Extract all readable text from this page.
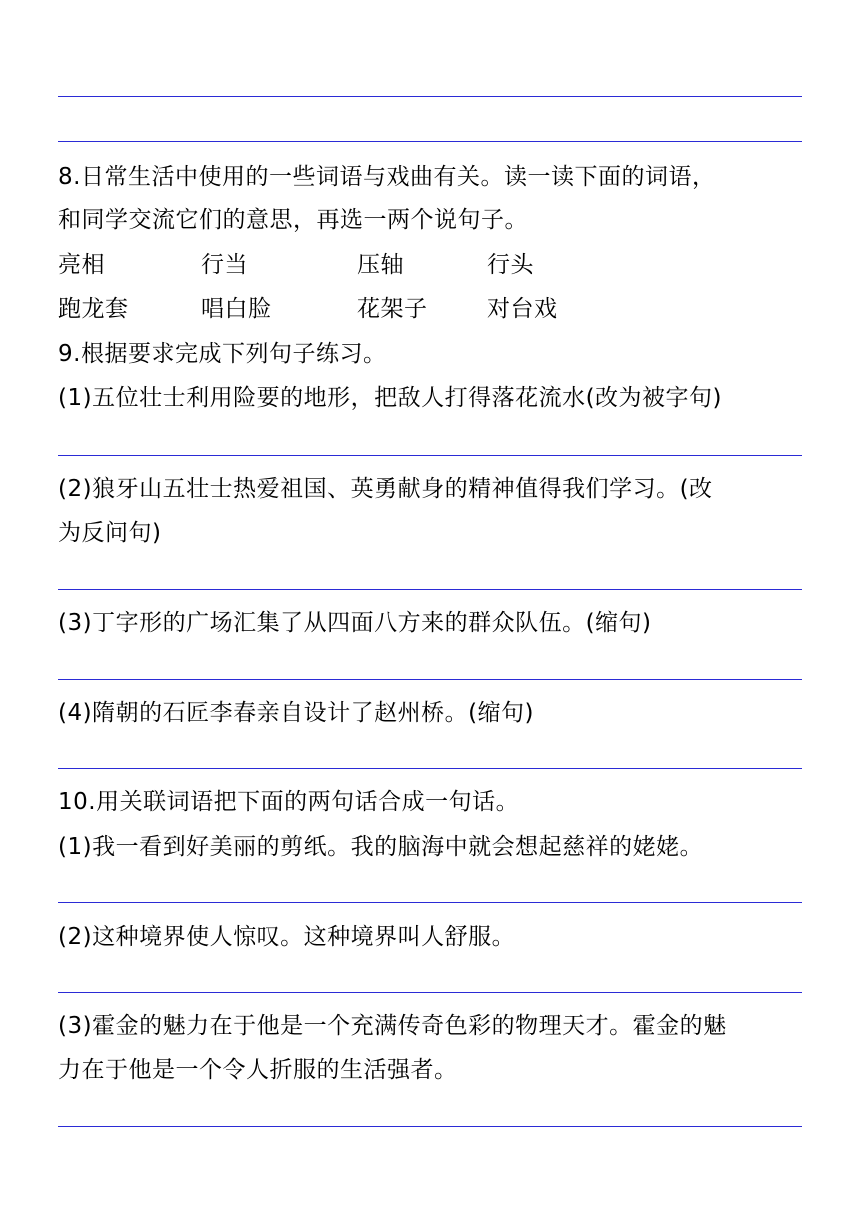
8.日常生活中使用的一些词语与戏曲有关。读一读下面的词语，
和同学交流它们的意思，再选一两个说句子。
亮相	行当	压轴	行头
跑龙套	唱白脸	花架子	对台戏
9.根据要求完成下列句子练习。
(1)五位壮士利用险要的地形，把敌人打得落花流水(改为被字句)
(2)狼牙山五壮士热爱祖国、英勇献身的精神值得我们学习。(改
为反问句)
(3)丁字形的广场汇集了从四面八方来的群众队伍。(缩句)
(4)隋朝的石匠李春亲自设计了赵州桥。(缩句)
10.用关联词语把下面的两句话合成一句话。
(1)我一看到好美丽的剪纸。我的脑海中就会想起慈祥的姥姥。
(2)这种境界使人惊叹。这种境界叫人舒服。
(3)霍金的魅力在于他是一个充满传奇色彩的物理天才。霍金的魅
力在于他是一个令人折服的生活强者。
